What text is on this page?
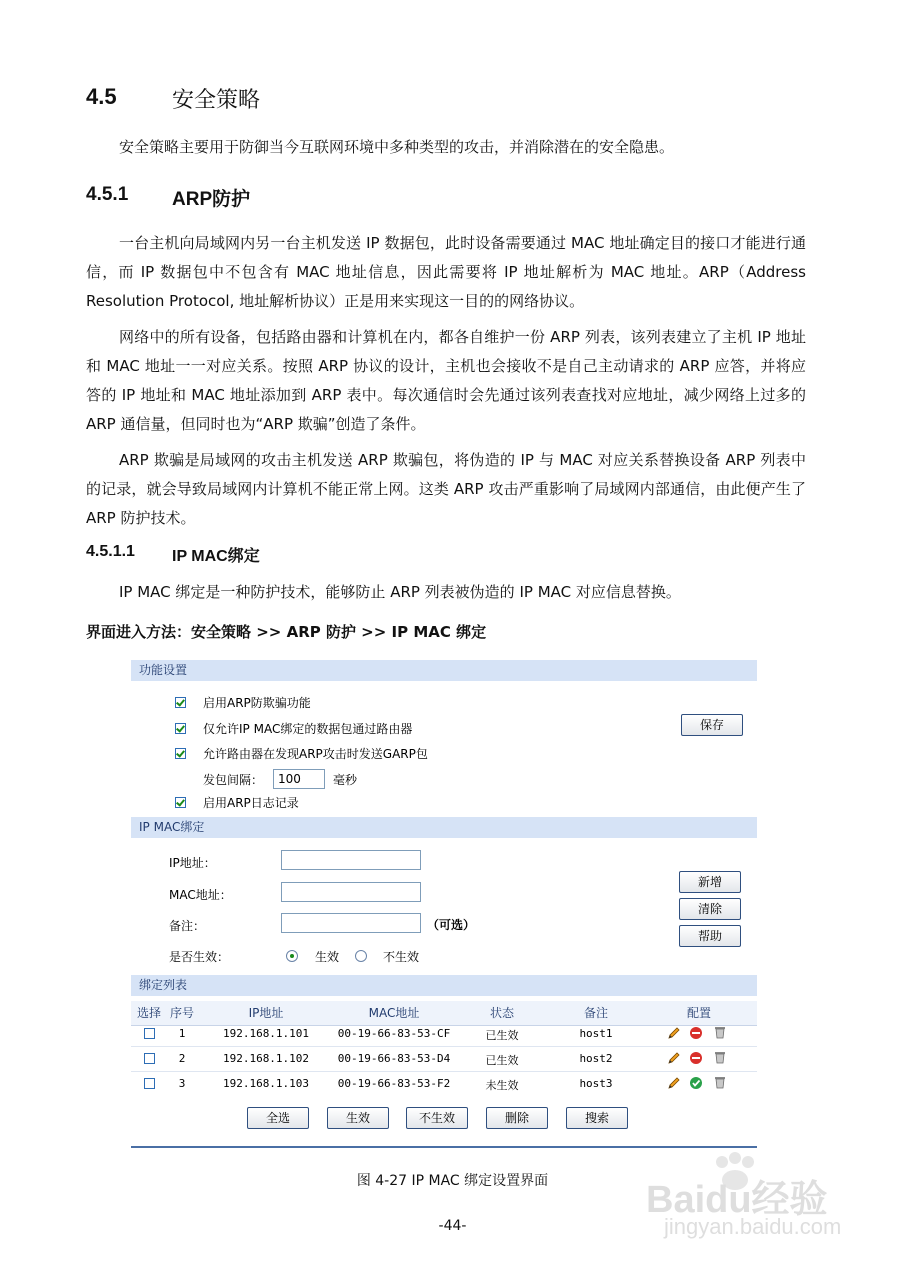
4.5	安全策略
安全策略主要用于防御当今互联网环境中多种类型的攻击，并消除潜在的安全隐患。
4.5.1 ARP防护
一台主机向局域网内另一台主机发送 IP 数据包，此时设备需要通过 MAC 地址确定目的接口才能进行通信，而 IP 数据包中不包含有 MAC 地址信息，因此需要将 IP 地址解析为 MAC 地址。ARP（Address Resolution Protocol, 地址解析协议）正是用来实现这一目的的网络协议。
网络中的所有设备，包括路由器和计算机在内，都各自维护一份 ARP 列表，该列表建立了主机 IP 地址和 MAC 地址一一对应关系。按照 ARP 协议的设计，主机也会接收不是自己主动请求的 ARP 应答，并将应答的 IP 地址和 MAC 地址添加到 ARP 表中。每次通信时会先通过该列表查找对应地址，减少网络上过多的 ARP 通信量，但同时也为“ARP 欺骗”创造了条件。
ARP 欺骗是局域网的攻击主机发送 ARP 欺骗包，将伪造的 IP 与 MAC 对应关系替换设备 ARP 列表中的记录，就会导致局域网内计算机不能正常上网。这类 ARP 攻击严重影响了局域网内部通信，由此便产生了 ARP 防护技术。
4.5.1.1 IP MAC绑定
IP MAC 绑定是一种防护技术，能够防止 ARP 列表被伪造的 IP MAC 对应信息替换。
界面进入方法：安全策略 >> ARP 防护 >> IP MAC 绑定
功能设置
启用ARP防欺骗功能
仅允许IP MAC绑定的数据包通过路由器
允许路由器在发现ARP攻击时发送GARP包
发包间隔：	100	毫秒
启用ARP日志记录
保存
IP MAC绑定
IP地址：
MAC地址：
备注：	（可选）
是否生效：	生效	不生效
新增
清除
帮助
绑定列表
选择 序号	IP地址	MAC地址	状态	备注	配置
1	192.168.1.101	00-19-66-83-53-CF	已生效	host1
2	192.168.1.102	00-19-66-83-53-D4	已生效	host2
3	192.168.1.103	00-19-66-83-53-F2	未生效	host3
全选	生效	不生效	删除	搜索
图 4-27 IP MAC 绑定设置界面
-44-
Baidu经验
jingyan.baidu.com
